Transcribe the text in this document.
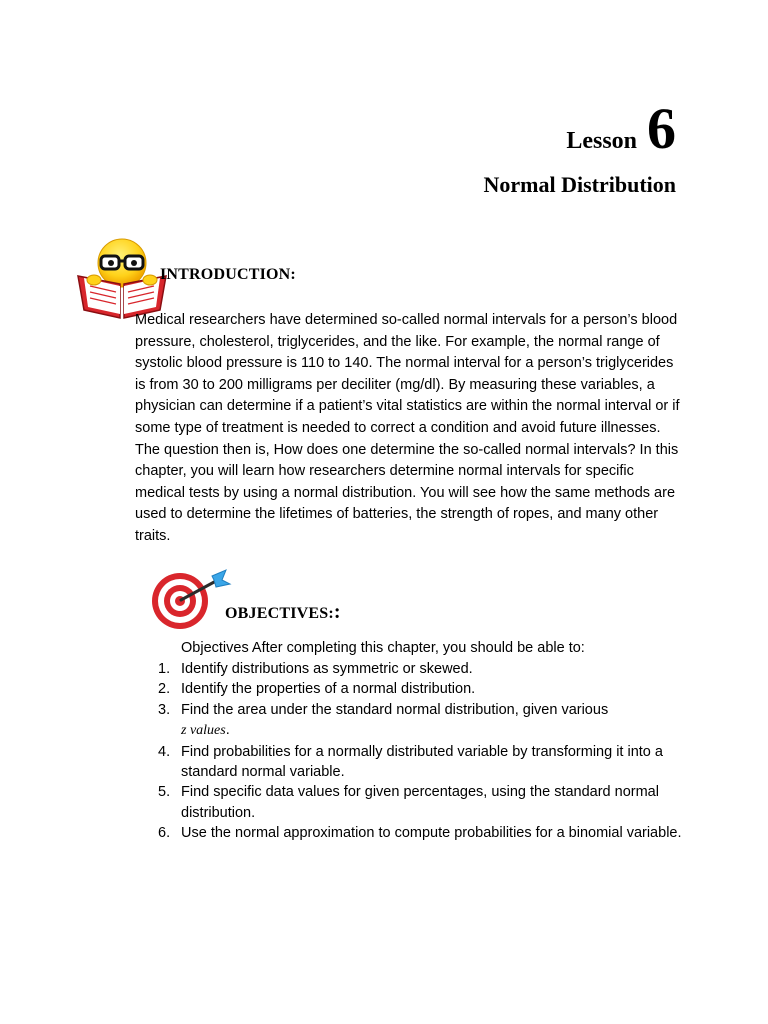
Lesson 6
Normal Distribution
INTRODUCTION:

Medical researchers have determined so-called normal intervals for a person’s blood pressure, cholesterol, triglycerides, and the like. For example, the normal range of systolic blood pressure is 110 to 140. The normal interval for a person’s triglycerides is from 30 to 200 milligrams per deciliter (mg/dl). By measuring these variables, a physician can determine if a patient’s vital statistics are within the normal interval or if some type of treatment is needed to correct a condition and avoid future illnesses. The question then is, How does one determine the so-called normal intervals? In this chapter, you will learn how researchers determine normal intervals for specific medical tests by using a normal distribution. You will see how the same methods are used to determine the lifetimes of batteries, the strength of ropes, and many other traits.

OBJECTIVES::

Objectives After completing this chapter, you should be able to:

1. Identify distributions as symmetric or skewed.
2. Identify the properties of a normal distribution.
3. Find the area under the standard normal distribution, given various
z values.
4. Find probabilities for a normally distributed variable by transforming it into a standard normal variable.
5. Find specific data values for given percentages, using the standard normal distribution.
6. Use the normal approximation to compute probabilities for a binomial variable.
